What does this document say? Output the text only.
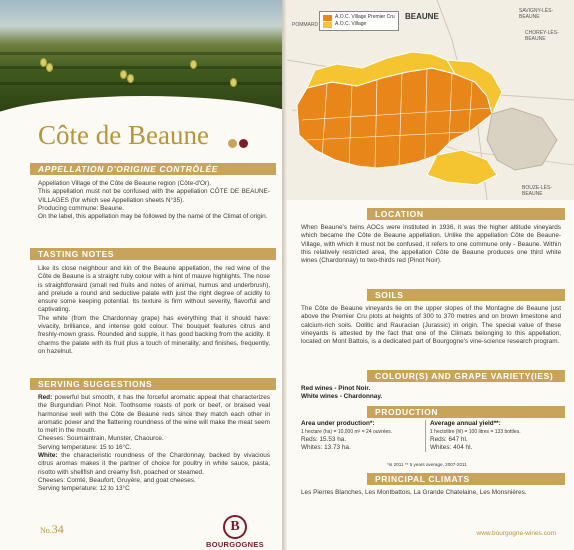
Côte de Beaune
APPELLATION D'ORIGINE CONTRÔLÉE
Appellation Village of the Côte de Beaune region (Côte-d'Or).
This appellation must not be confused with the appellation CÔTE DE BEAUNE-VILLAGES (for which see Appellation sheets N°35).
Producing commune: Beaune.
On the label, this appellation may be followed by the name of the Climat of origin.
TASTING NOTES
Like its close neighbour and kin of the Beaune appellation, the red wine of the Côte de Beaune is a straight ruby colour with a hint of mauve highlights. The nose is straightforward (small red fruits and notes of animal, humus and underbrush), and prelude a round and seductive palate with just the right degree of acidity to ensure some keeping potential. Its texture is firm without severity, flavorful and captivating.
The white (from the Chardonnay grape) has everything that it should have: vivacity, brilliance, and intense gold colour. The bouquet features citrus and freshly-mown grass. Rounded and supple, it has good backing from the acidity. It charms the palate with its fruit plus a touch of minerality, and finishes, frequently, on hazelnut.
SERVING SUGGESTIONS
Red: powerful but smooth, it has the forceful aromatic appeal that characterizes the Burgundian Pinot Noir. Toothsome roasts of pork or beef, or braised veal harmonise well with the Côte de Beaune reds since they match each other in aromatic power and the flattering roundness of the wine will make the meat seem to melt in the mouth.
Cheeses: Soumaintrain, Munster, Chaource.
Serving temperature: 15 to 16°C.
White: the characteristic roundness of the Chardonnay, backed by vivacious citrus aromas makes it the partner of choice for poultry in white sauce, pasta, risotto with shellfish and creamy fish, poached or steamed.
Cheeses: Comté, Beaufort, Gruyère, and goat cheeses.
Serving temperature: 12 to 13°C
No.34	B
BOURGOGNES
A.O.C. Village Premier Cru
A.O.C. Village
BEAUNE
POMMARD
SAVIGNY-LÈS-BEAUNE
CHOREY-LÈS-BEAUNE
BOUZE-LÈS-BEAUNE
LOCATION
When Beaune's twins AOCs were instituted in 1936, it was the higher altitude vineyards which became the Côte de Beaune appellation. Unlike the appellation Côte de Beaune-Village, with which it must not be confused, it refers to one commune only - Beaune. Within this relatively restricted area, the appellation Côte de Beaune produces one third white wines (Chardonnay) to two-thirds red (Pinot Noir).
SOILS
The Côte de Beaune vineyards lie on the upper slopes of the Montagne de Beaune just above the Premier Cru plots at heights of 300 to 370 metres and on brown limestone and calcium-rich soils. Oolitic and Rauracian (Jurassic) in origin. The special value of these vineyards is attested by the fact that one of the Climats belonging to this appellation, located on Mont Battois, is a dedicated part of Bourgogne's vine-science research program.
COLOUR(S) AND GRAPE VARIETY(IES)
Red wines - Pinot Noir.
White wines - Chardonnay.
PRODUCTION
Area under production*:
1 hectare (ha) = 10,000 m² = 24 ouvrées.
Reds: 15.53 ha.
Whites: 13.73 ha.
Average annual yield**:
1 hectolitre (hl) = 100 litres = 133 bottles.
Reds: 647 hl.
Whites: 404 hl.
*in 2011 ** 5 years average, 2007-2011
PRINCIPAL CLIMATS
Les Pierres Blanches, Les Montbattois, La Grande Chatelaine, Les Monsnières.
www.bourgogne-wines.com
